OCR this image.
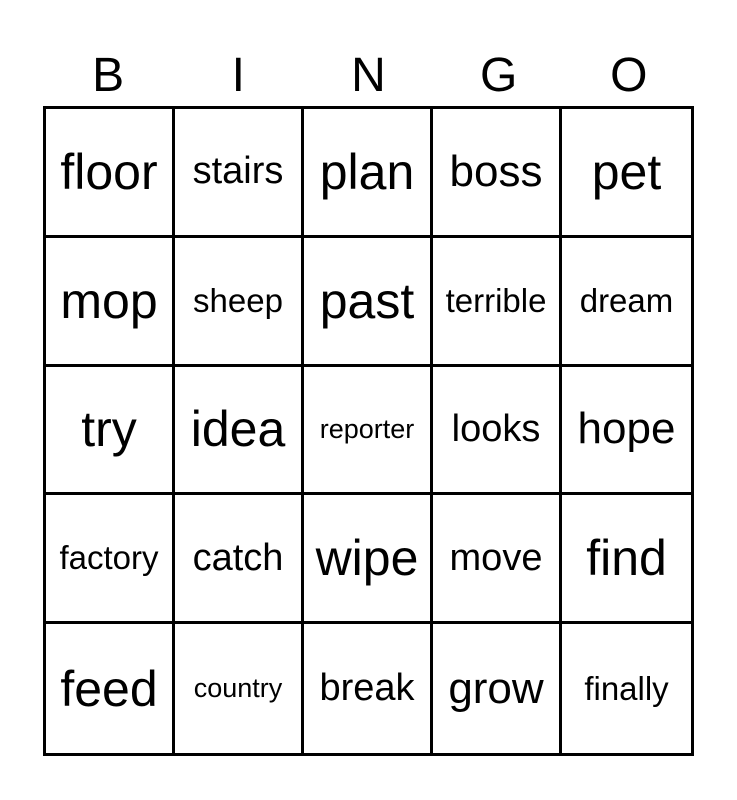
B	I	N	G	O
floor stairs plan boss pet
mop	sheep past terrible	dream
try	idea	reporter looks hope
factory catch wipe move find
feed	country break grow	finally
